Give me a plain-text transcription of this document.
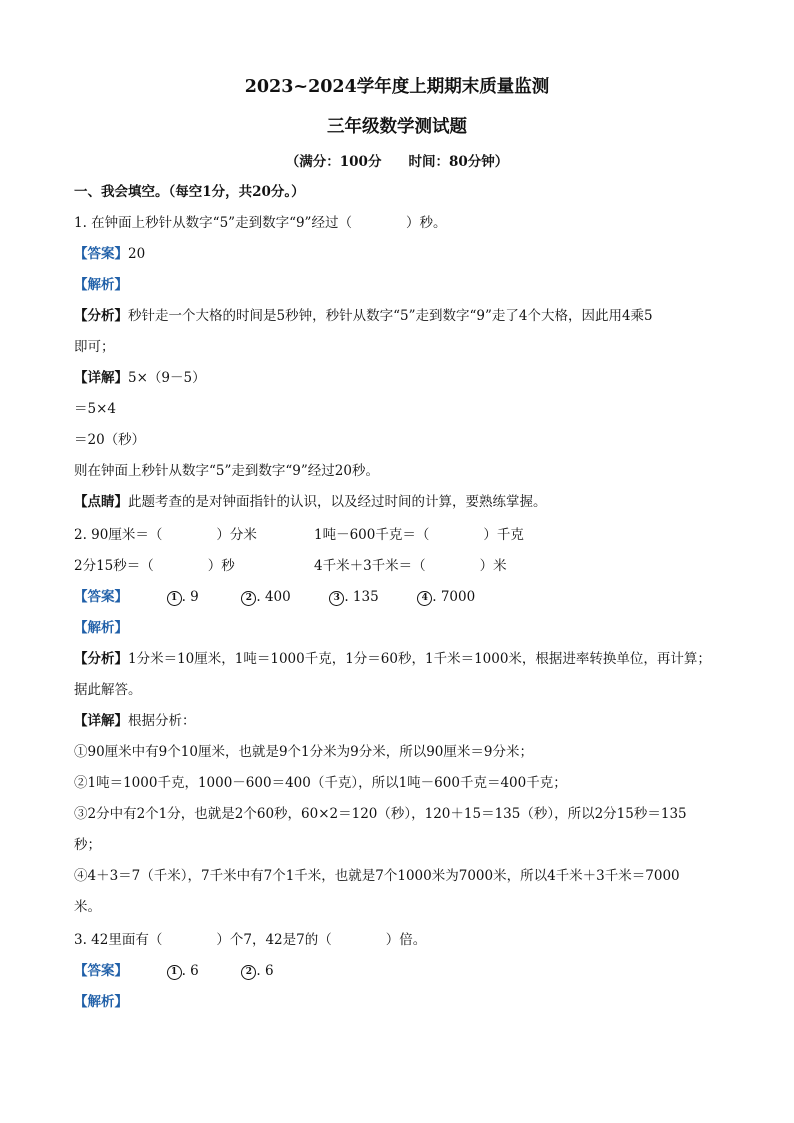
2023~2024学年度上期期末质量监测
三年级数学测试题
（满分：100分　　时间：80分钟）
一、我会填空。（每空1分，共20分。）
1. 在钟面上秒针从数字“5”走到数字“9”经过（　　　　）秒。
【答案】20
【解析】
【分析】秒针走一个大格的时间是5秒钟，秒针从数字“5”走到数字“9”走了4个大格，因此用4乘5
即可；
【详解】5×（9－5）
＝5×4
＝20（秒）
则在钟面上秒针从数字“5”走到数字“9”经过20秒。
【点睛】此题考查的是对钟面指针的认识，以及经过时间的计算，要熟练掌握。
2. 90厘米＝（　　　　）分米	1吨－600千克＝（　　　　）千克
2分15秒＝（　　　　）秒	4千米＋3千米＝（　　　　）米
【答案】	1 . 9	2 . 400	3 . 135	4 . 7000
【解析】
【分析】1分米＝10厘米，1吨＝1000千克，1分＝60秒，1千米＝1000米，根据进率转换单位，再计算；
据此解答。
【详解】根据分析：
①90厘米中有9个10厘米，也就是9个1分米为9分米，所以90厘米＝9分米；
②1吨＝1000千克，1000－600＝400（千克），所以1吨－600千克＝400千克；
③2分中有2个1分，也就是2个60秒，60×2＝120（秒），120＋15＝135（秒），所以2分15秒＝135
秒；
④4＋3＝7（千米），7千米中有7个1千米，也就是7个1000米为7000米，所以4千米＋3千米＝7000
米。
3. 42里面有（　　　　）个7，42是7的（　　　　）倍。
【答案】	1 . 6	2 . 6
【解析】
